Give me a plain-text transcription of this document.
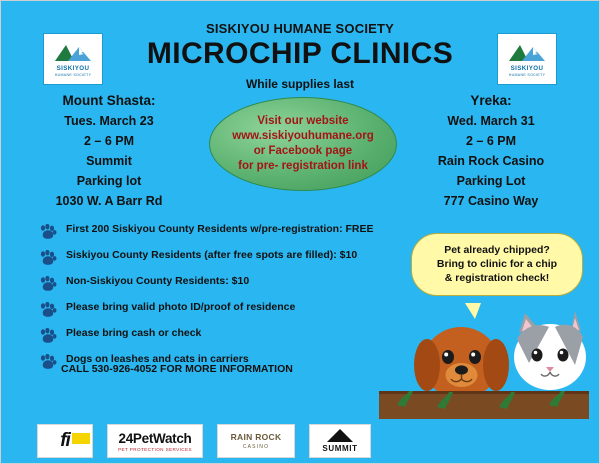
SISKIYOU
HUMANE SOCIETY
SISKIYOU
HUMANE SOCIETY
SISKIYOU HUMANE SOCIETY
MICROCHIP CLINICS
While supplies last
Mount Shasta:
Tues. March 23
2 – 6 PM
Summit
Parking lot
1030 W. A Barr Rd
Yreka:
Wed. March 31
2 – 6 PM
Rain Rock Casino
Parking Lot
777 Casino Way
Visit our website
www.siskiyouhumane.org
or Facebook page
for pre- registration link
First 200 Siskiyou County Residents w/pre-registration: FREE
Siskiyou County Residents (after free spots are filled): $10
Non-Siskiyou County Residents: $10
Please bring valid photo ID/proof of residence
Please bring cash or check
Dogs on leashes and cats in carriers
CALL 530-926-4052 FOR MORE INFORMATION
Pet already chipped?
Bring to clinic for a chip
& registration check!
fi	24PetWatch
PET PROTECTION SERVICES
RAIN ROCK
CASINO	SUMMIT
